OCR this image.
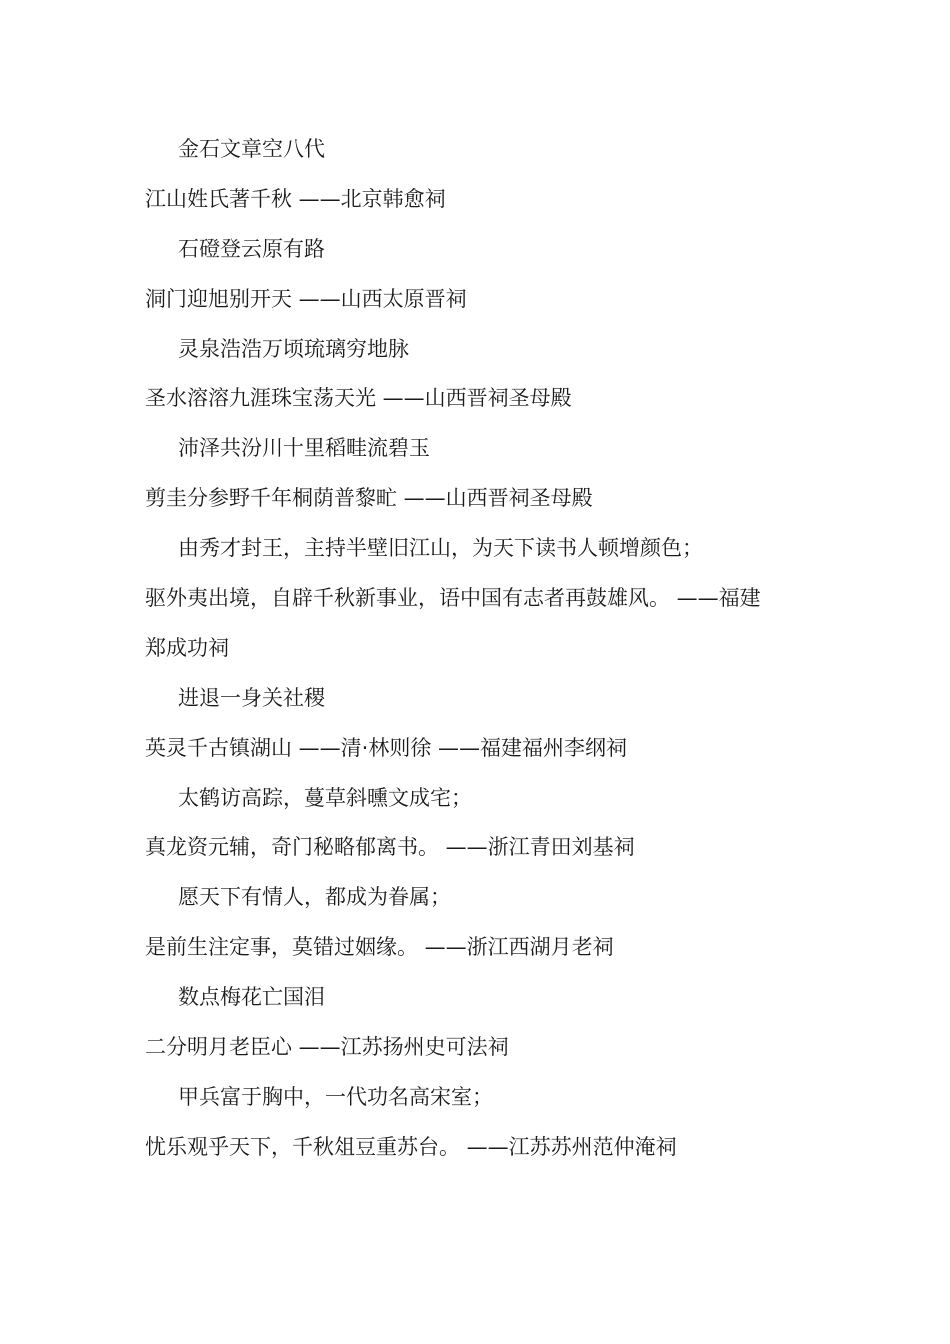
金石文章空八代
江山姓氏著千秋 ——北京韩愈祠
石磴登云原有路
洞门迎旭别开天 ——山西太原晋祠
灵泉浩浩万顷琉璃穷地脉
圣水溶溶九涯珠宝荡天光 ——山西晋祠圣母殿
沛泽共汾川十里稻畦流碧玉
剪圭分参野千年桐荫普黎甿 ——山西晋祠圣母殿
由秀才封王，主持半壁旧江山，为天下读书人顿增颜色；
驱外夷出境，自辟千秋新事业，语中国有志者再鼓雄风。 ——福建
郑成功祠
进退一身关社稷
英灵千古镇湖山 ——清·林则徐 ——福建福州李纲祠
太鹤访高踪，蔓草斜曛文成宅；
真龙资元辅，奇门秘略郁离书。 ——浙江青田刘基祠
愿天下有情人，都成为眷属；
是前生注定事，莫错过姻缘。 ——浙江西湖月老祠
数点梅花亡国泪
二分明月老臣心 ——江苏扬州史可法祠
甲兵富于胸中，一代功名高宋室；
忧乐观乎天下，千秋俎豆重苏台。 ——江苏苏州范仲淹祠
